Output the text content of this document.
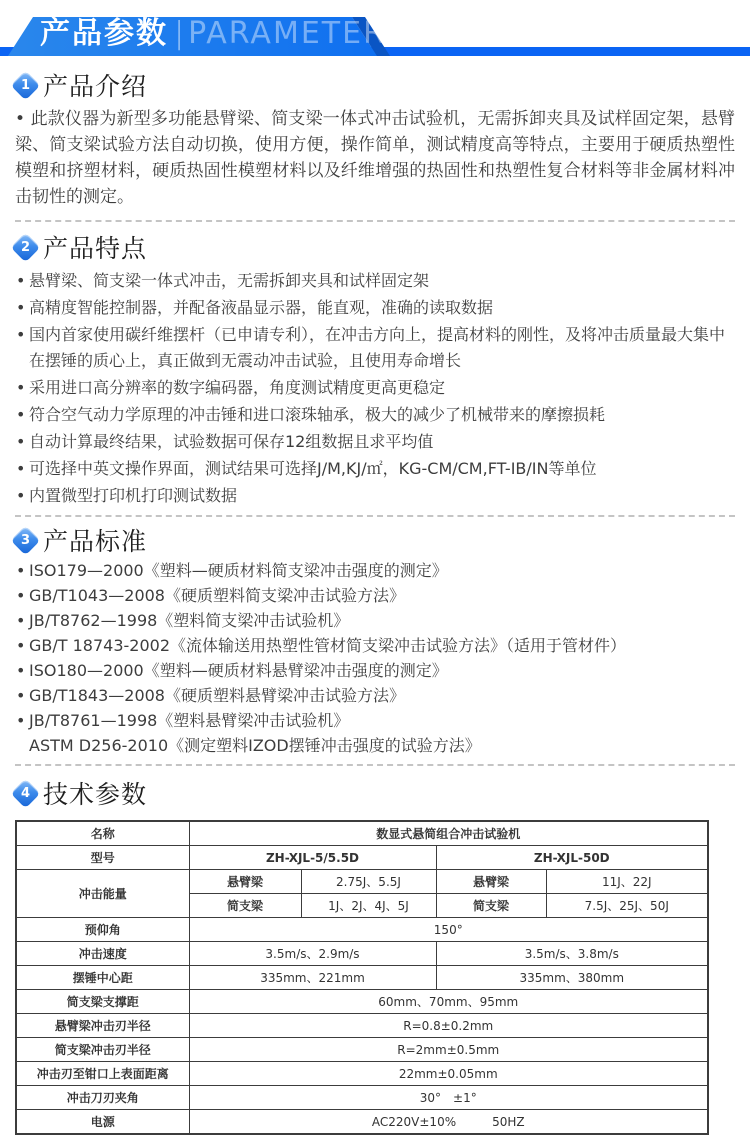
产品参数 | PARAMETERS
1 产品介绍

• 此款仪器为新型多功能悬臂梁、简支梁一体式冲击试验机，无需拆卸夹具及试样固定架，悬臂梁、简支梁试验方法自动切换，使用方便，操作简单，测试精度高等特点，主要用于硬质热塑性模塑和挤塑材料，硬质热固性模塑材料以及纤维增强的热固性和热塑性复合材料等非金属材料冲击韧性的测定。

2 产品特点
• 悬臂梁、简支梁一体式冲击，无需拆卸夹具和试样固定架
• 高精度智能控制器，并配备液晶显示器，能直观，准确的读取数据
• 国内首家使用碳纤维摆杆（已申请专利），在冲击方向上，提高材料的刚性，及将冲击质量最大集中在摆锤的质心上，真正做到无震动冲击试验，且使用寿命增长
• 采用进口高分辨率的数字编码器，角度测试精度更高更稳定
• 符合空气动力学原理的冲击锤和进口滚珠轴承，极大的减少了机械带来的摩擦损耗
• 自动计算最终结果，试验数据可保存12组数据且求平均值
• 可选择中英文操作界面，测试结果可选择J/M,KJ/㎡，KG-CM/CM,FT-IB/IN等单位
• 内置微型打印机打印测试数据
3 产品标准
• ISO179—2000《塑料—硬质材料简支梁冲击强度的测定》
• GB/T1043—2008《硬质塑料简支梁冲击试验方法》
• JB/T8762—1998《塑料简支梁冲击试验机》
• GB/T 18743-2002《流体输送用热塑性管材简支梁冲击试验方法》（适用于管材件）
• ISO180—2000《塑料—硬质材料悬臂梁冲击强度的测定》
• GB/T1843—2008《硬质塑料悬臂梁冲击试验方法》
• JB/T8761—1998《塑料悬臂梁冲击试验机》
ASTM D256-2010《测定塑料IZOD摆锤冲击强度的试验方法》
4 技术参数
名称	数显式悬简组合冲击试验机			
型号	ZH-XJL-5/5.5D		ZH-XJL-50D	
冲击能量	悬臂梁	2.75J、5.5J	悬臂梁	11J、22J
	简支梁	1J、2J、4J、5J	简支梁	7.5J、25J、50J
预仰角	150°			
冲击速度	3.5m/s、2.9m/s		3.5m/s、3.8m/s	
摆锤中心距	335mm、221mm		335mm、380mm	
简支梁支撑距	60mm、70mm、95mm			
悬臂梁冲击刃半径	R=0.8±0.2mm			
简支梁冲击刃半径	R=2mm±0.5mm			
冲击刃至钳口上表面距离	22mm±0.05mm			
冲击刀刃夹角	30°　±1°			
电源	AC220V±10%　　　50HZ			
